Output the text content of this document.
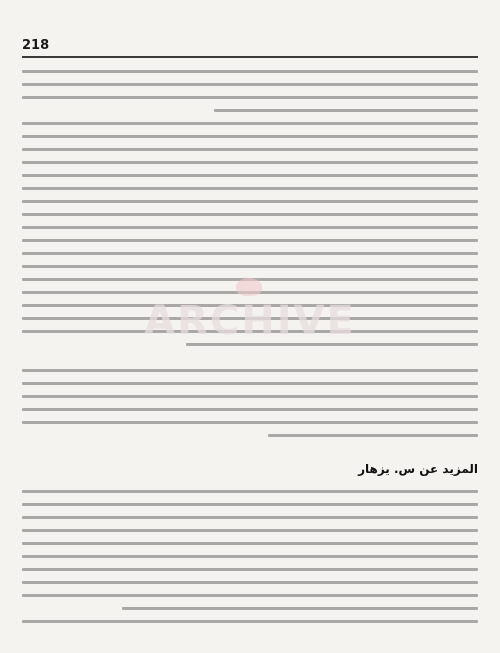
218
ARCHIVE
المزيد عن س. يزهار
